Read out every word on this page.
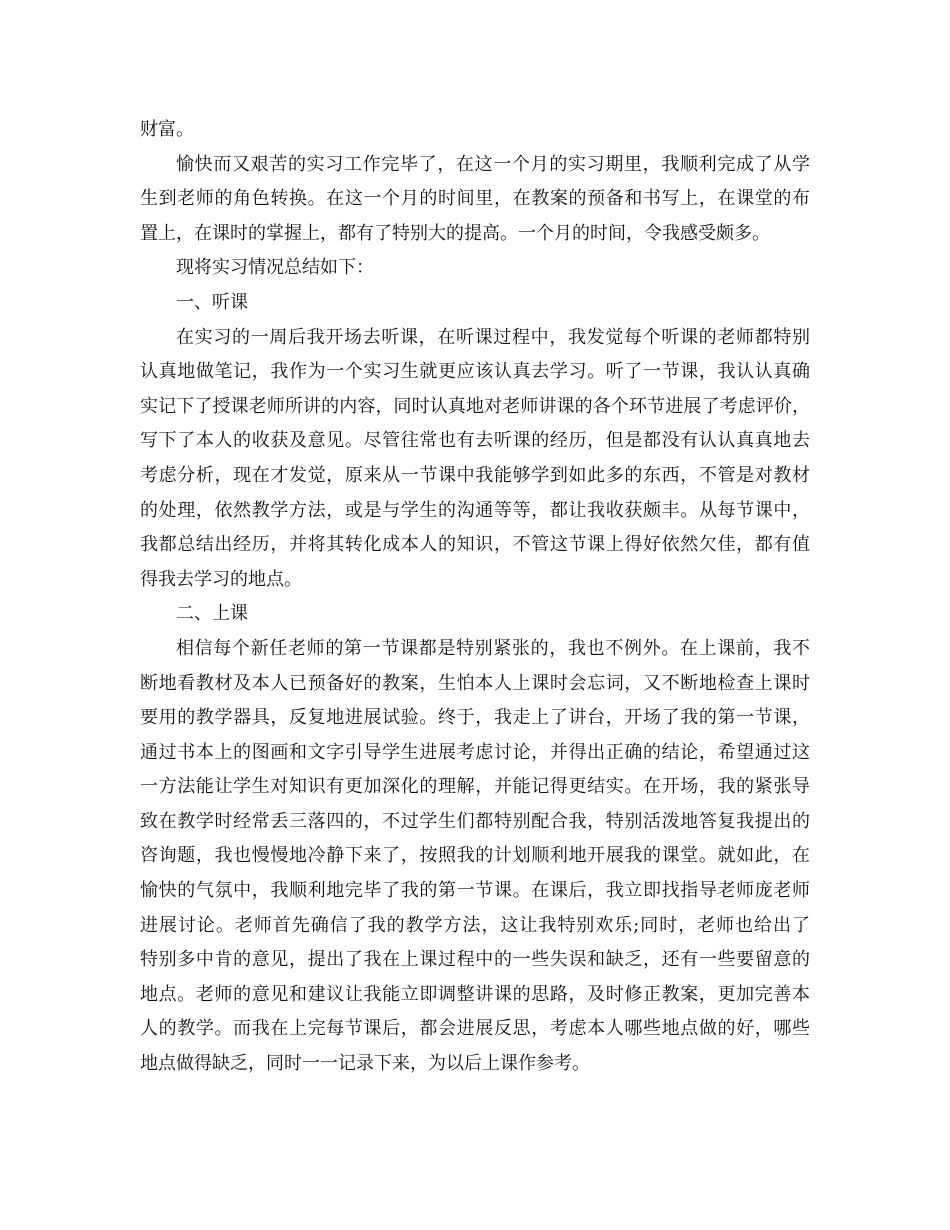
财富。
愉快而又艰苦的实习工作完毕了，在这一个月的实习期里，我顺利完成了从学
生到老师的角色转换。在这一个月的时间里，在教案的预备和书写上，在课堂的布
置上，在课时的掌握上，都有了特别大的提高。一个月的时间，令我感受颇多。
现将实习情况总结如下：
一、听课
在实习的一周后我开场去听课，在听课过程中，我发觉每个听课的老师都特别
认真地做笔记，我作为一个实习生就更应该认真去学习。听了一节课，我认认真确
实记下了授课老师所讲的内容，同时认真地对老师讲课的各个环节进展了考虑评价，
写下了本人的收获及意见。尽管往常也有去听课的经历，但是都没有认认真真地去
考虑分析，现在才发觉，原来从一节课中我能够学到如此多的东西，不管是对教材
的处理，依然教学方法，或是与学生的沟通等等，都让我收获颇丰。从每节课中，
我都总结出经历，并将其转化成本人的知识，不管这节课上得好依然欠佳，都有值
得我去学习的地点。
二、上课
相信每个新任老师的第一节课都是特别紧张的，我也不例外。在上课前，我不
断地看教材及本人已预备好的教案，生怕本人上课时会忘词，又不断地检查上课时
要用的教学器具，反复地进展试验。终于，我走上了讲台，开场了我的第一节课，
通过书本上的图画和文字引导学生进展考虑讨论，并得出正确的结论，希望通过这
一方法能让学生对知识有更加深化的理解，并能记得更结实。在开场，我的紧张导
致在教学时经常丢三落四的，不过学生们都特别配合我，特别活泼地答复我提出的
咨询题，我也慢慢地冷静下来了，按照我的计划顺利地开展我的课堂。就如此，在
愉快的气氛中，我顺利地完毕了我的第一节课。在课后，我立即找指导老师庞老师
进展讨论。老师首先确信了我的教学方法，这让我特别欢乐;同时，老师也给出了
特别多中肯的意见，提出了我在上课过程中的一些失误和缺乏，还有一些要留意的
地点。老师的意见和建议让我能立即调整讲课的思路，及时修正教案，更加完善本
人的教学。而我在上完每节课后，都会进展反思，考虑本人哪些地点做的好，哪些
地点做得缺乏，同时一一记录下来，为以后上课作参考。
